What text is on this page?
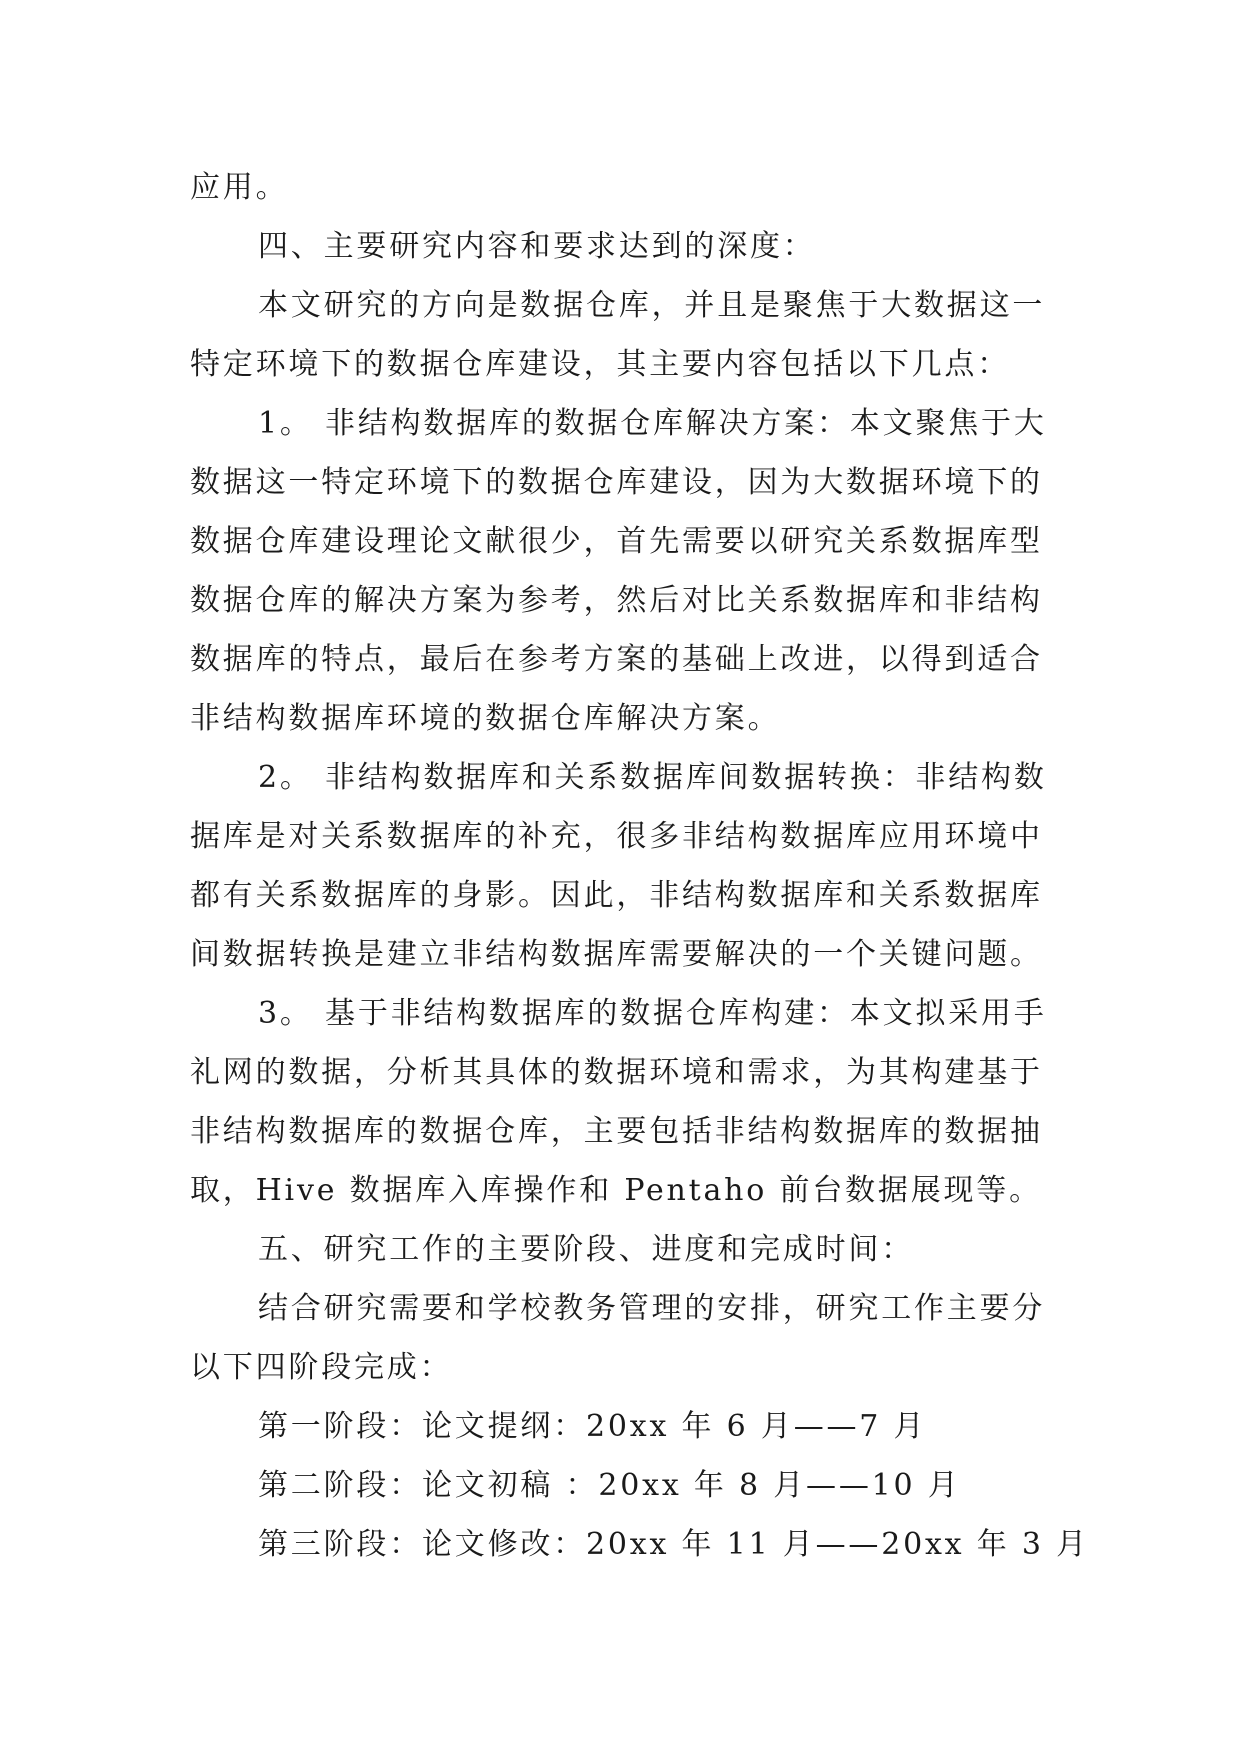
应用。
四、主要研究内容和要求达到的深度：
本文研究的方向是数据仓库，并且是聚焦于大数据这一
特定环境下的数据仓库建设，其主要内容包括以下几点：
1。 非结构数据库的数据仓库解决方案：本文聚焦于大
数据这一特定环境下的数据仓库建设，因为大数据环境下的
数据仓库建设理论文献很少，首先需要以研究关系数据库型
数据仓库的解决方案为参考，然后对比关系数据库和非结构
数据库的特点，最后在参考方案的基础上改进，以得到适合
非结构数据库环境的数据仓库解决方案。
2。 非结构数据库和关系数据库间数据转换：非结构数
据库是对关系数据库的补充，很多非结构数据库应用环境中
都有关系数据库的身影。因此，非结构数据库和关系数据库
间数据转换是建立非结构数据库需要解决的一个关键问题。
3。 基于非结构数据库的数据仓库构建：本文拟采用手
礼网的数据，分析其具体的数据环境和需求，为其构建基于
非结构数据库的数据仓库，主要包括非结构数据库的数据抽
取，Hive 数据库入库操作和 Pentaho 前台数据展现等。
五、研究工作的主要阶段、进度和完成时间：
结合研究需要和学校教务管理的安排，研究工作主要分
以下四阶段完成：
第一阶段：论文提纲：20xx 年 6 月——7 月
第二阶段：论文初稿 ：20xx 年 8 月——10 月
第三阶段：论文修改：20xx 年 11 月——20xx 年 3 月
